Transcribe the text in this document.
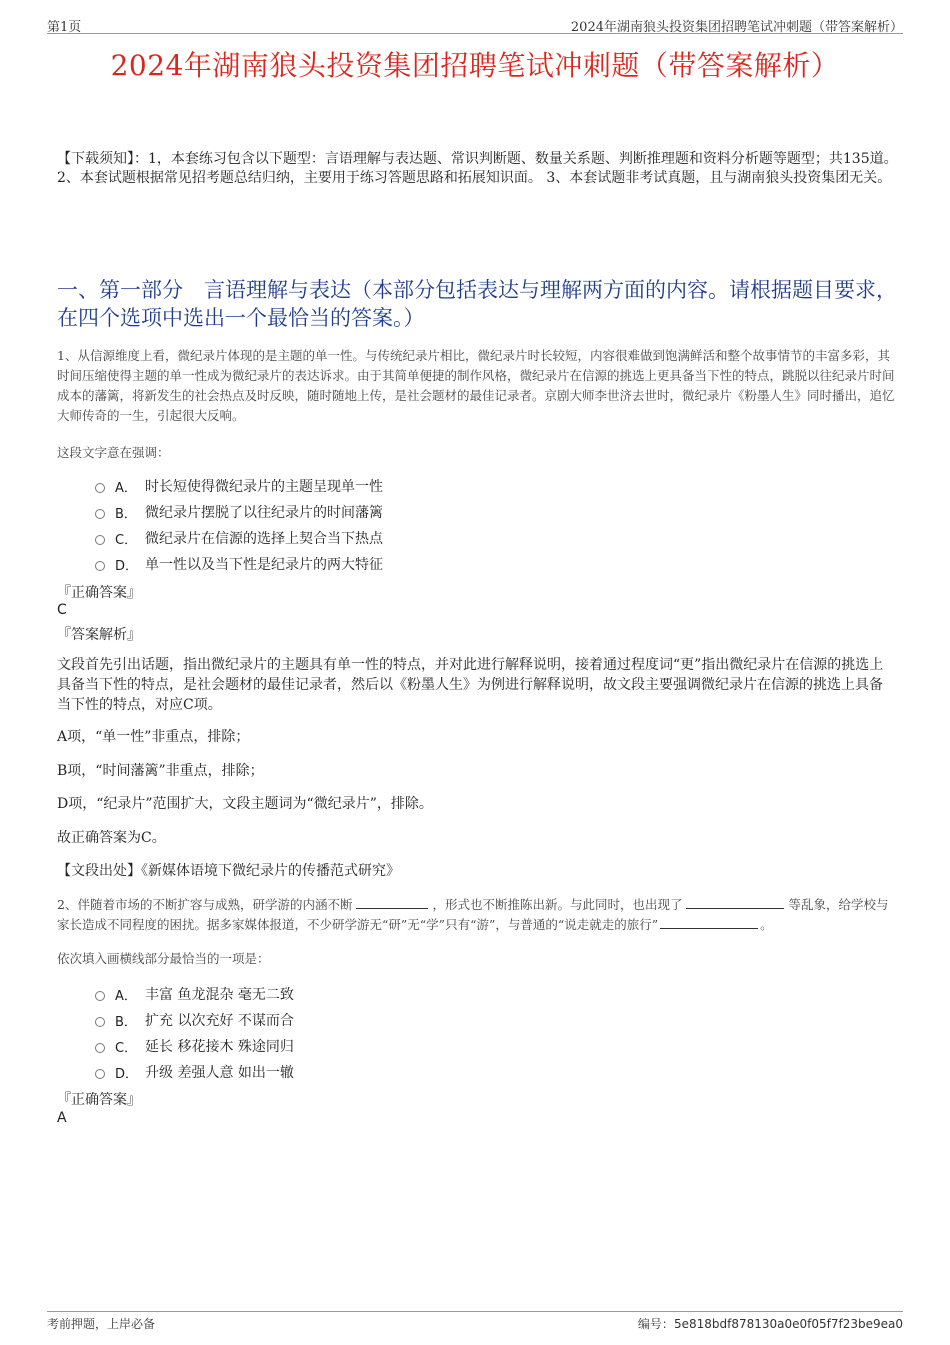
第1页	2024年湖南狼头投资集团招聘笔试冲刺题（带答案解析）
2024年湖南狼头投资集团招聘笔试冲刺题（带答案解析）
【下载须知】：1，本套练习包含以下题型：言语理解与表达题、常识判断题、数量关系题、判断推理题和资料分析题等题型；共135道。 2、本套试题根据常见招考题总结归纳，主要用于练习答题思路和拓展知识面。 3、本套试题非考试真题，且与湖南狼头投资集团无关。
一、第一部分　言语理解与表达（本部分包括表达与理解两方面的内容。请根据题目要求，在四个选项中选出一个最恰当的答案。）
1、从信源维度上看，微纪录片体现的是主题的单一性。与传统纪录片相比，微纪录片时长较短，内容很难做到饱满鲜活和整个故事情节的丰富多彩，其时间压缩使得主题的单一性成为微纪录片的表达诉求。由于其简单便捷的制作风格，微纪录片在信源的挑选上更具备当下性的特点，跳脱以往纪录片时间成本的藩篱，将新发生的社会热点及时反映，随时随地上传，是社会题材的最佳记录者。京剧大师李世济去世时，微纪录片《粉墨人生》同时播出，追忆大师传奇的一生，引起很大反响。
这段文字意在强调：
A． 时长短使得微纪录片的主题呈现单一性
B． 微纪录片摆脱了以往纪录片的时间藩篱
C． 微纪录片在信源的选择上契合当下热点
D． 单一性以及当下性是纪录片的两大特征
『正确答案』
C
『答案解析』
文段首先引出话题，指出微纪录片的主题具有单一性的特点，并对此进行解释说明，接着通过程度词“更”指出微纪录片在信源的挑选上具备当下性的特点，是社会题材的最佳记录者，然后以《粉墨人生》为例进行解释说明，故文段主要强调微纪录片在信源的挑选上具备当下性的特点，对应C项。
A项，“单一性”非重点，排除；
B项，“时间藩篱”非重点，排除；
D项，“纪录片”范围扩大，文段主题词为“微纪录片”，排除。
故正确答案为C。
【文段出处】《新媒体语境下微纪录片的传播范式研究》
2、伴随着市场的不断扩容与成熟，研学游的内涵不断	，形式也不断推陈出新。与此同时，也出现了	等乱象，给学校与家长造成不同程度的困扰。据多家媒体报道，不少研学游无“研”无“学”只有“游”，与普通的“说走就走的旅行”	。
依次填入画横线部分最恰当的一项是：
A． 丰富 鱼龙混杂 毫无二致
B． 扩充 以次充好 不谋而合
C． 延长 移花接木 殊途同归
D． 升级 差强人意 如出一辙
『正确答案』
A
考前押题，上岸必备	编号：5e818bdf878130a0e0f05f7f23be9ea0
